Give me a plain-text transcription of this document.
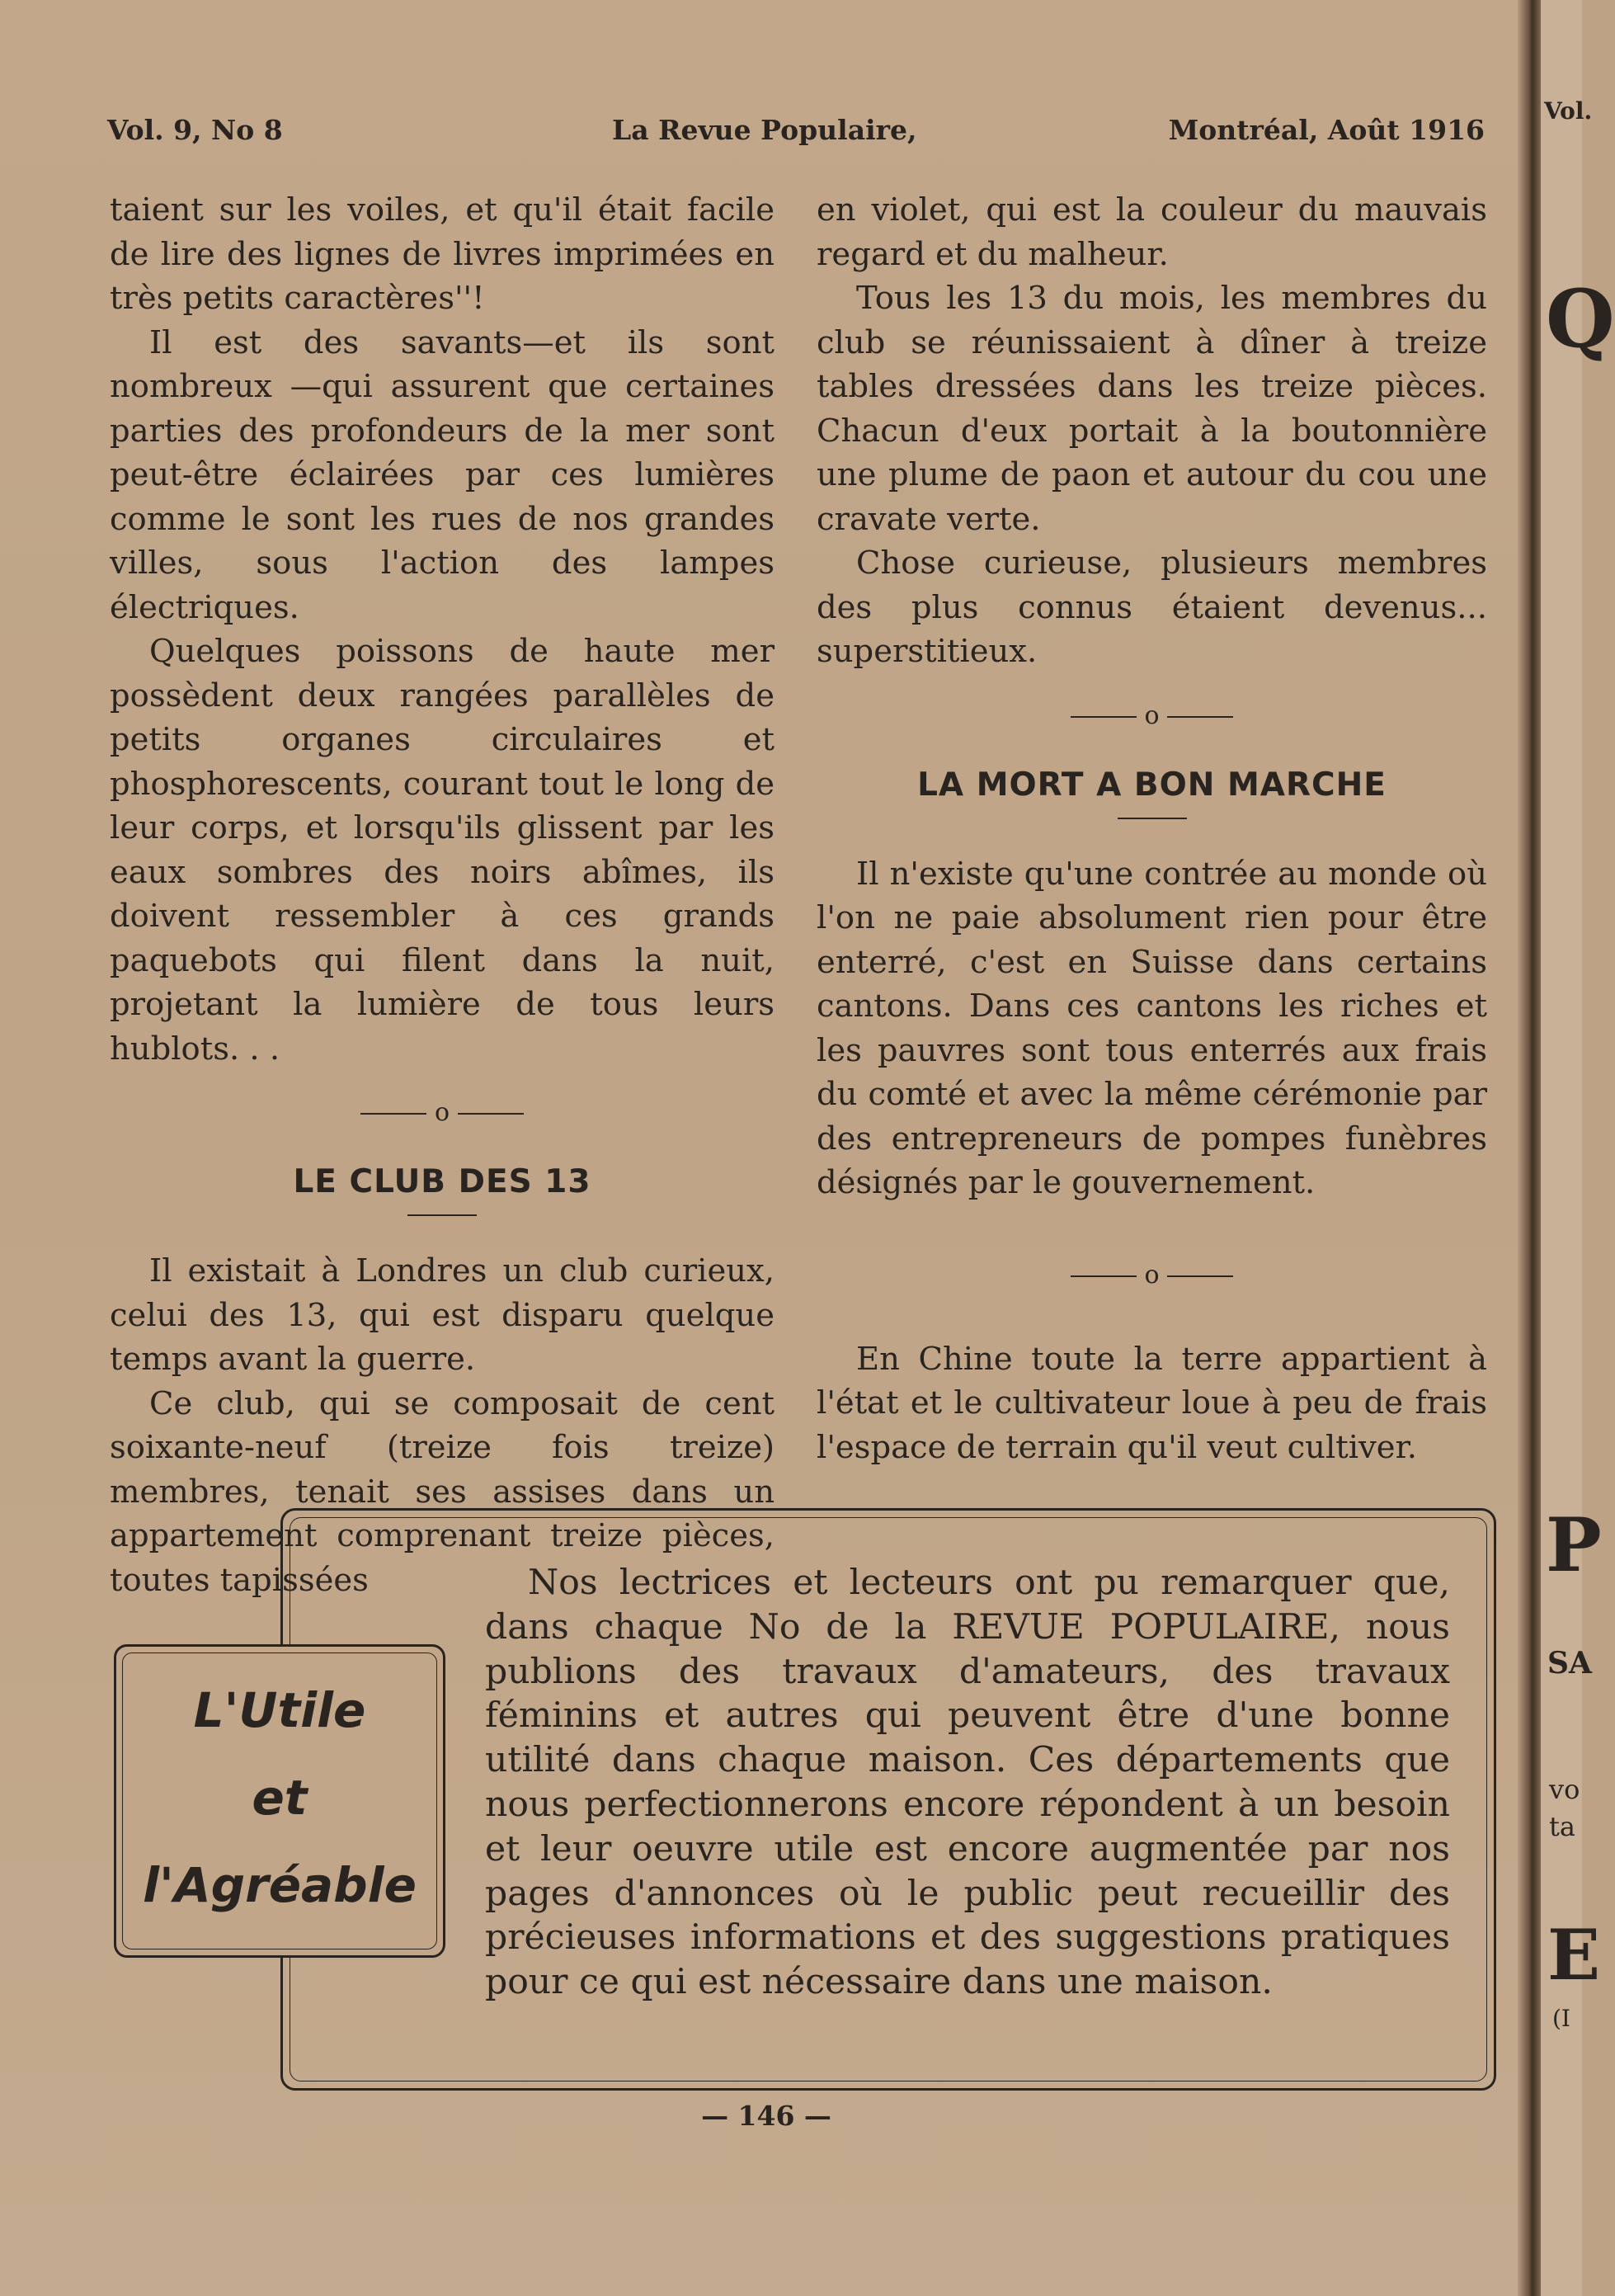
Vol. 9, No 8	La Revue Populaire,	Montréal, Août 1916

taient sur les voiles, et qu'il était facile de lire des lignes de livres imprimées en très petits caractères''!

Il est des savants—et ils sont nombreux —qui assurent que certaines parties des profondeurs de la mer sont peut-être éclairées par ces lumières comme le sont les rues de nos grandes villes, sous l'action des lampes électriques.

Quelques poissons de haute mer possèdent deux rangées parallèles de petits organes circulaires et phosphorescents, courant tout le long de leur corps, et lorsqu'ils glissent par les eaux sombres des noirs abîmes, ils doivent ressembler à ces grands paquebots qui filent dans la nuit, projetant la lumière de tous leurs hublots. . .

o
LE CLUB DES 13

Il existait à Londres un club curieux, celui des 13, qui est disparu quelque temps avant la guerre.

Ce club, qui se composait de cent soixante-neuf (treize fois treize) membres, tenait ses assises dans un appartement comprenant treize pièces, toutes tapissées

en violet, qui est la couleur du mauvais regard et du malheur.

Tous les 13 du mois, les membres du club se réunissaient à dîner à treize tables dressées dans les treize pièces. Chacun d'eux portait à la boutonnière une plume de paon et autour du cou une cravate verte.

Chose curieuse, plusieurs membres des plus connus étaient devenus... superstitieux.

o
LA MORT A BON MARCHE

Il n'existe qu'une contrée au monde où l'on ne paie absolument rien pour être enterré, c'est en Suisse dans certains cantons. Dans ces cantons les riches et les pauvres sont tous enterrés aux frais du comté et avec la même cérémonie par des entrepreneurs de pompes funèbres désignés par le gouvernement.

o

En Chine toute la terre appartient à l'état et le cultivateur loue à peu de frais l'espace de terrain qu'il veut cultiver.

L'Utile
et
l'Agréable

Nos lectrices et lecteurs ont pu remarquer que, dans chaque No de la REVUE POPULAIRE, nous publions des travaux d'amateurs, des travaux féminins et autres qui peuvent être d'une bonne utilité dans chaque maison. Ces départements que nous perfectionnerons encore répondent à un besoin et leur oeuvre utile est encore augmentée par nos pages d'annonces où le public peut recueillir des précieuses informations et des suggestions pratiques pour ce qui est nécessaire dans une maison.

— 146 —
Vol.
Q
P
SA
vo
ta
E
(I
